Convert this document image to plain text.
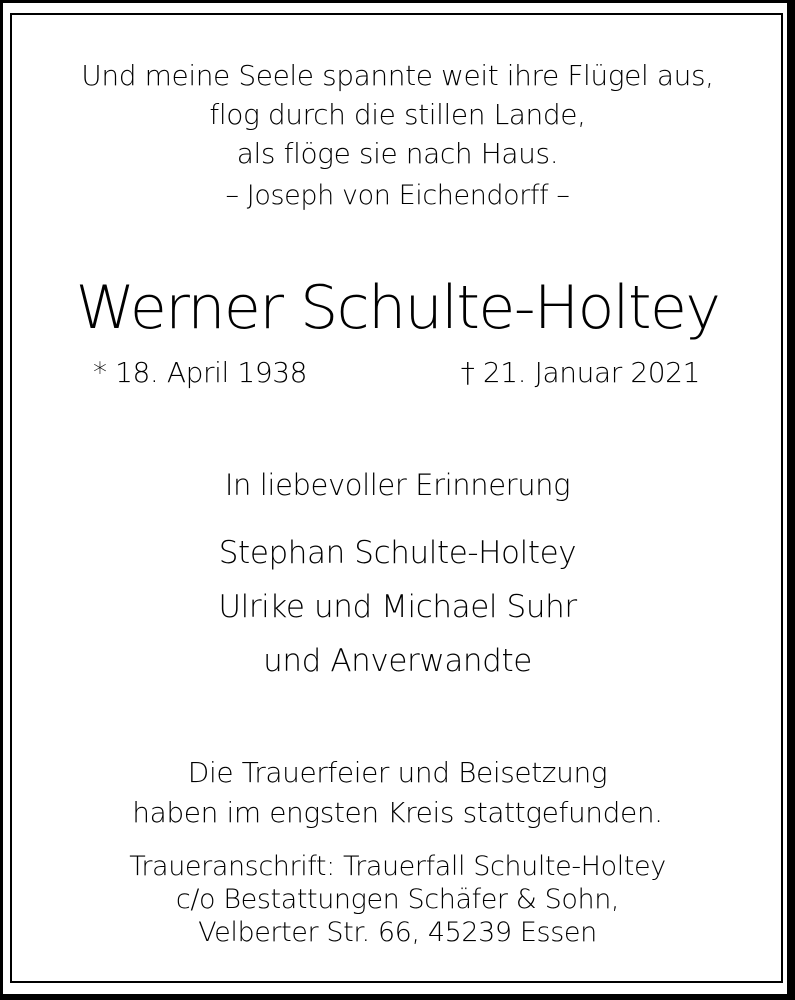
Und meine Seele spannte weit ihre Flügel aus,
flog durch die stillen Lande,
als flöge sie nach Haus.
– Joseph von Eichendorff –
Werner Schulte-Holtey
* 18. April 1938	† 21. Januar 2021
In liebevoller Erinnerung
Stephan Schulte-Holtey
Ulrike und Michael Suhr
und Anverwandte
Die Trauerfeier und Beisetzung
haben im engsten Kreis stattgefunden.
Traueranschrift: Trauerfall Schulte-Holtey
c/o Bestattungen Schäfer & Sohn,
Velberter Str. 66, 45239 Essen
